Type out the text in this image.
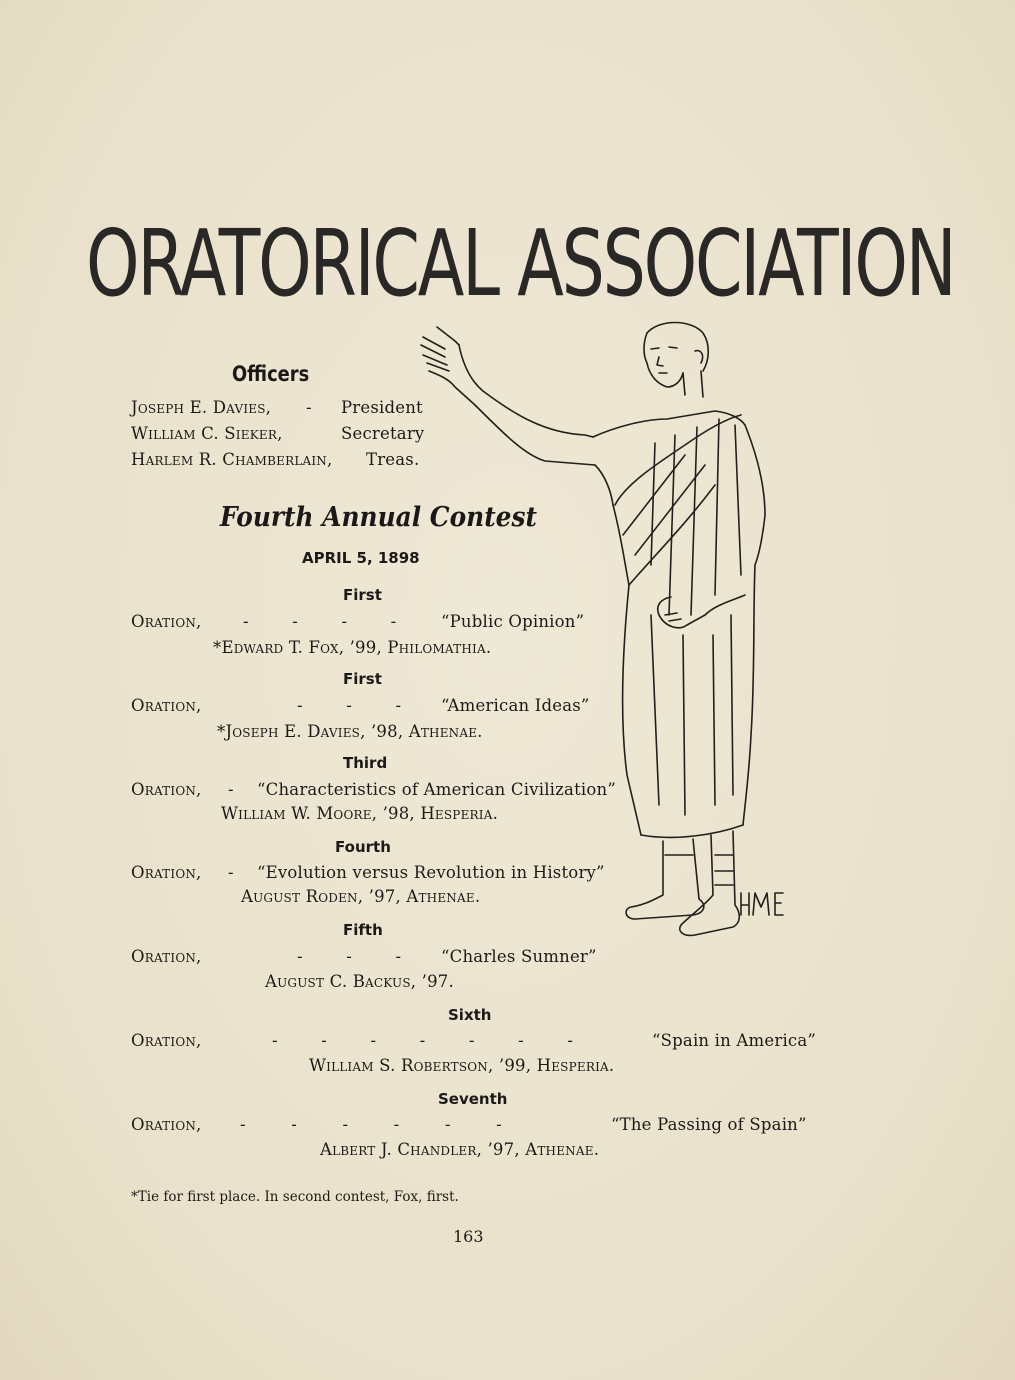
ORATORICAL ASSOCIATION
Officers
Joseph E. Davies, - President
William C. Sieker,	Secretary
Harlem R. Chamberlain, Treas.
Fourth Annual Contest
APRIL 5, 1898
First
Oration,	- - - -	“Public Opinion”
*Edward T. Fox, ’99, Philomathia.
First
Oration,	- - - “American Ideas”
*Joseph E. Davies, ’98, Athenae.
Third
Oration, - “Characteristics of American Civilization”
William W. Moore, ’98, Hesperia.
Fourth
Oration, - “Evolution versus Revolution in History”
August Roden, ’97, Athenae.
Fifth
Oration,	- - - “Charles Sumner”
August C. Backus, ’97.
Sixth
Oration,	- - - - - - -	“Spain in America”
William S. Robertson, ’99, Hesperia.
Seventh
Oration, - - - - - -	“The Passing of Spain”
Albert J. Chandler, ’97, Athenae.
*Tie for first place. In second contest, Fox, first.
163
HME
